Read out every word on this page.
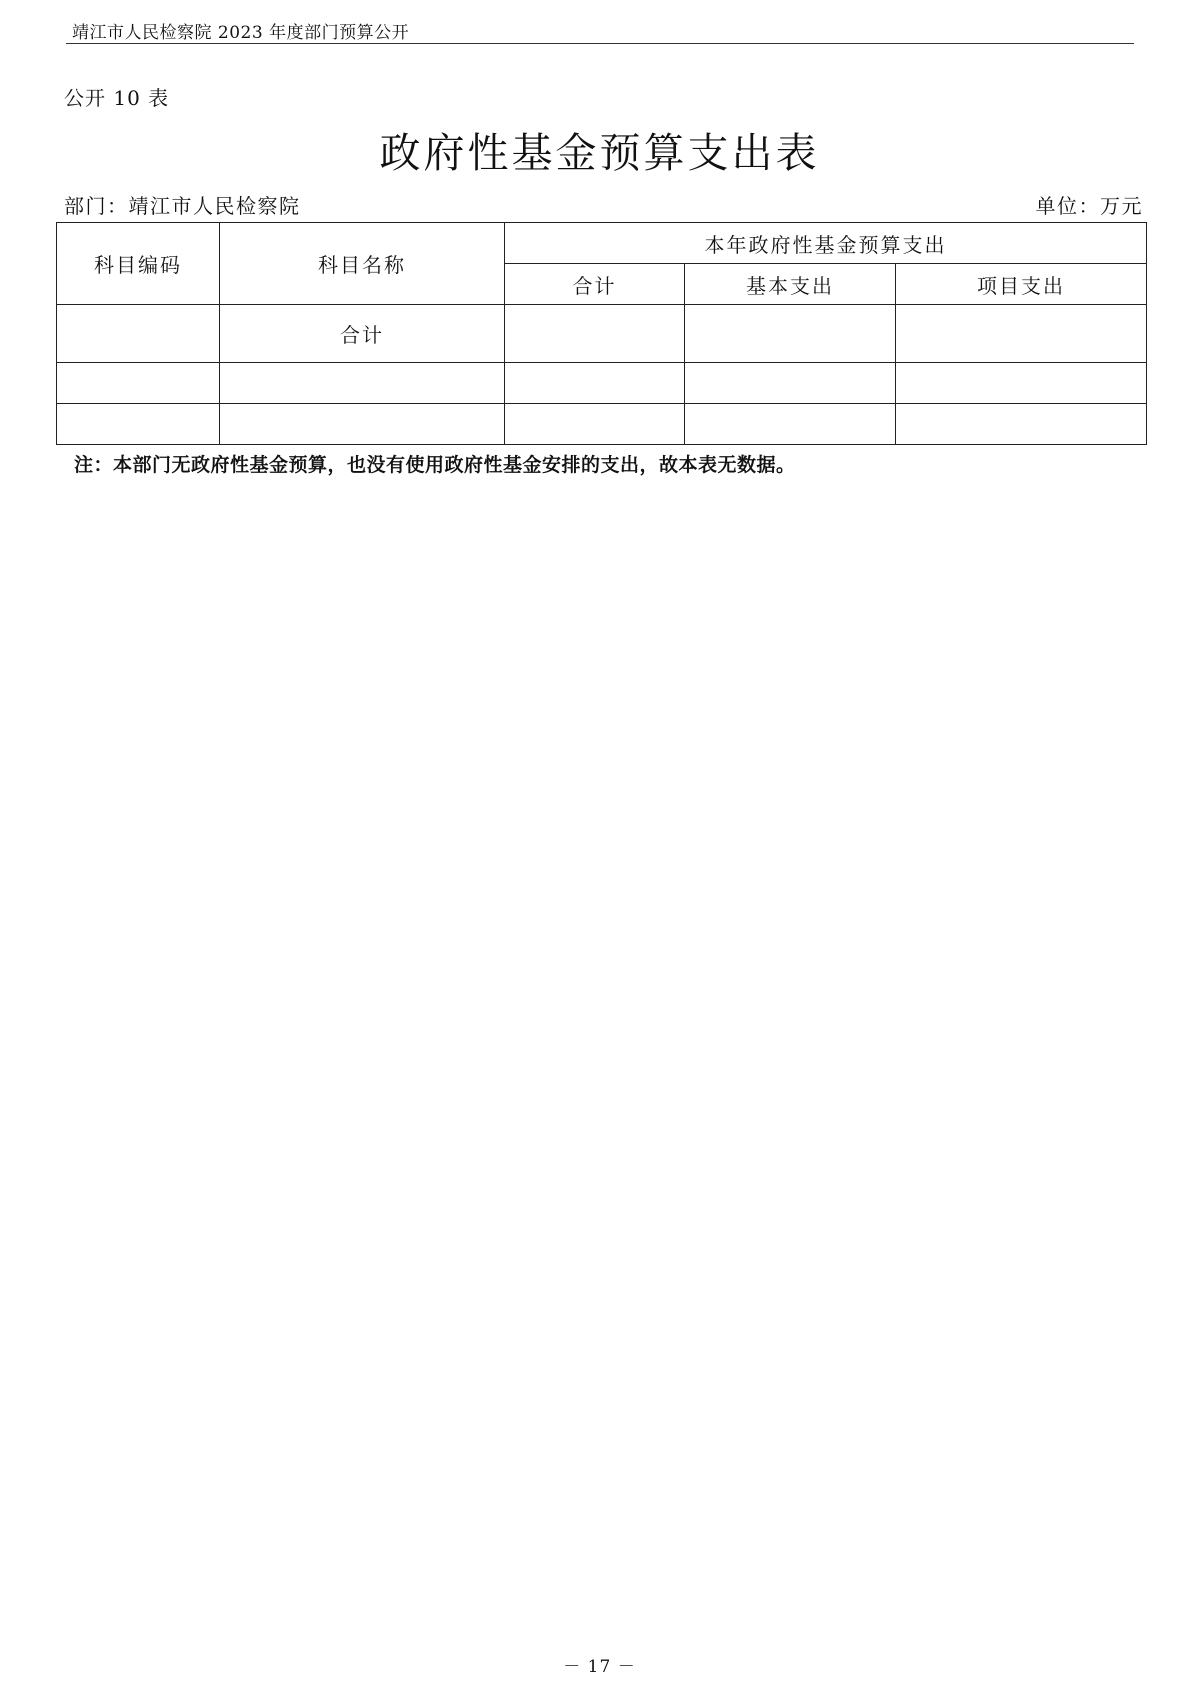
靖江市人民检察院 2023 年度部门预算公开
公开 10 表
政府性基金预算支出表
部门：靖江市人民检察院	单位：万元
科目编码	科目名称	本年政府性基金预算支出		
		合计	基本支出	项目支出
	合计			

注：本部门无政府性基金预算，也没有使用政府性基金安排的支出，故本表无数据。
－ 17 －
